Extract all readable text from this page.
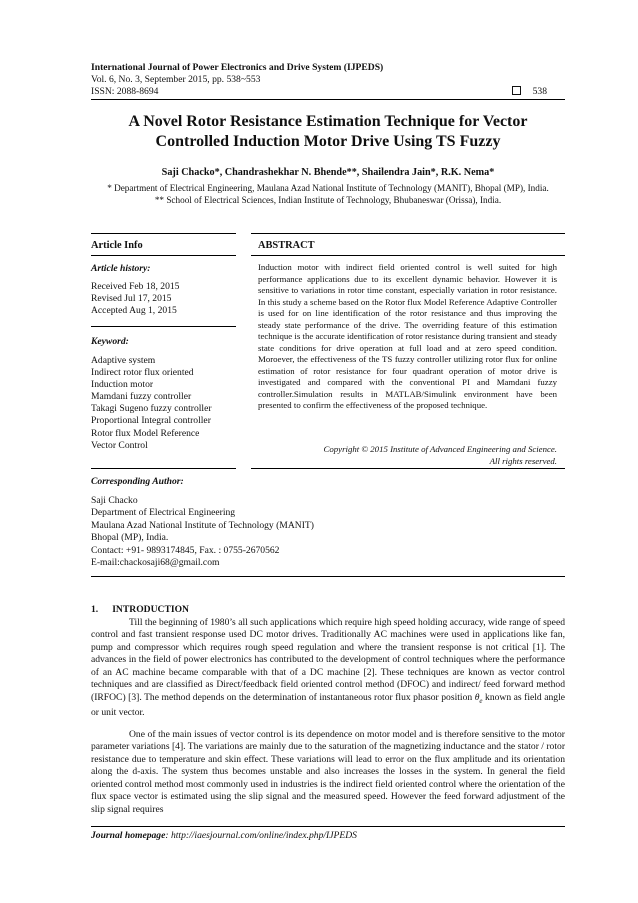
International Journal of Power Electronics and Drive System (IJPEDS)
Vol. 6, No. 3, September 2015, pp. 538~553
ISSN: 2088-8694	538
A Novel Rotor Resistance Estimation Technique for Vector
Controlled Induction Motor Drive Using TS Fuzzy
Saji Chacko*, Chandrashekhar N. Bhende**, Shailendra Jain*, R.K. Nema*
* Department of Electrical Engineering, Maulana Azad National Institute of Technology (MANIT), Bhopal (MP), India.
** School of Electrical Sciences, Indian Institute of Technology, Bhubaneswar (Orissa), India.
Article Info	ABSTRACT
Article history:
Received Feb 18, 2015
Revised Jul 17, 2015
Accepted Aug 1, 2015
Keyword:
Adaptive system
Indirect rotor flux oriented
Induction motor
Mamdani fuzzy controller
Takagi Sugeno fuzzy controller
Proportional Integral controller
Rotor flux Model Reference
Vector Control
Induction motor with indirect field oriented control is well suited for high performance applications due to its excellent dynamic behavior. However it is sensitive to variations in rotor time constant, especially variation in rotor resistance. In this study a scheme based on the Rotor flux Model Reference Adaptive Controller is used for on line identification of the rotor resistance and thus improving the steady state performance of the drive. The overriding feature of this estimation technique is the accurate identification of rotor resistance during transient and steady state conditions for drive operation at full load and at zero speed condition. Moroever, the effectiveness of the TS fuzzy controller utilizing rotor flux for online estimation of rotor resistance for four quadrant operation of motor drive is investigated and compared with the conventional PI and Mamdani fuzzy controller.Simulation results in MATLAB/Simulink environment have been presented to confirm the effectiveness of the proposed technique.
Copyright © 2015 Institute of Advanced Engineering and Science.
All rights reserved.
Corresponding Author:
Saji Chacko
Department of Electrical Engineering
Maulana Azad National Institute of Technology (MANIT)
Bhopal (MP), India.
Contact: +91- 9893174845, Fax. : 0755-2670562
E-mail:chackosaji68@gmail.com
1. INTRODUCTION
Till the beginning of 1980’s all such applications which require high speed holding accuracy, wide range of speed control and fast transient response used DC motor drives. Traditionally AC machines were used in applications like fan, pump and compressor which requires rough speed regulation and where the transient response is not critical [1]. The advances in the field of power electronics has contributed to the development of control techniques where the performance of an AC machine became comparable with that of a DC machine [2]. These techniques are known as vector control techniques and are classified as Direct/feedback field oriented control method (DFOC) and indirect/ feed forward method (IRFOC) [3]. The method depends on the determination of instantaneous rotor flux phasor position $\theta_e$ known as field angle or unit vector.
One of the main issues of vector control is its dependence on motor model and is therefore sensitive to the motor parameter variations [4]. The variations are mainly due to the saturation of the magnetizing inductance and the stator / rotor resistance due to temperature and skin effect. These variations will lead to error on the flux amplitude and its orientation along the d-axis. The system thus becomes unstable and also increases the losses in the system. In general the field oriented control method most commonly used in industries is the indirect field oriented control where the orientation of the flux space vector is estimated using the slip signal and the measured speed. However the feed forward adjustment of the slip signal requires
Journal homepage: http://iaesjournal.com/online/index.php/IJPEDS
